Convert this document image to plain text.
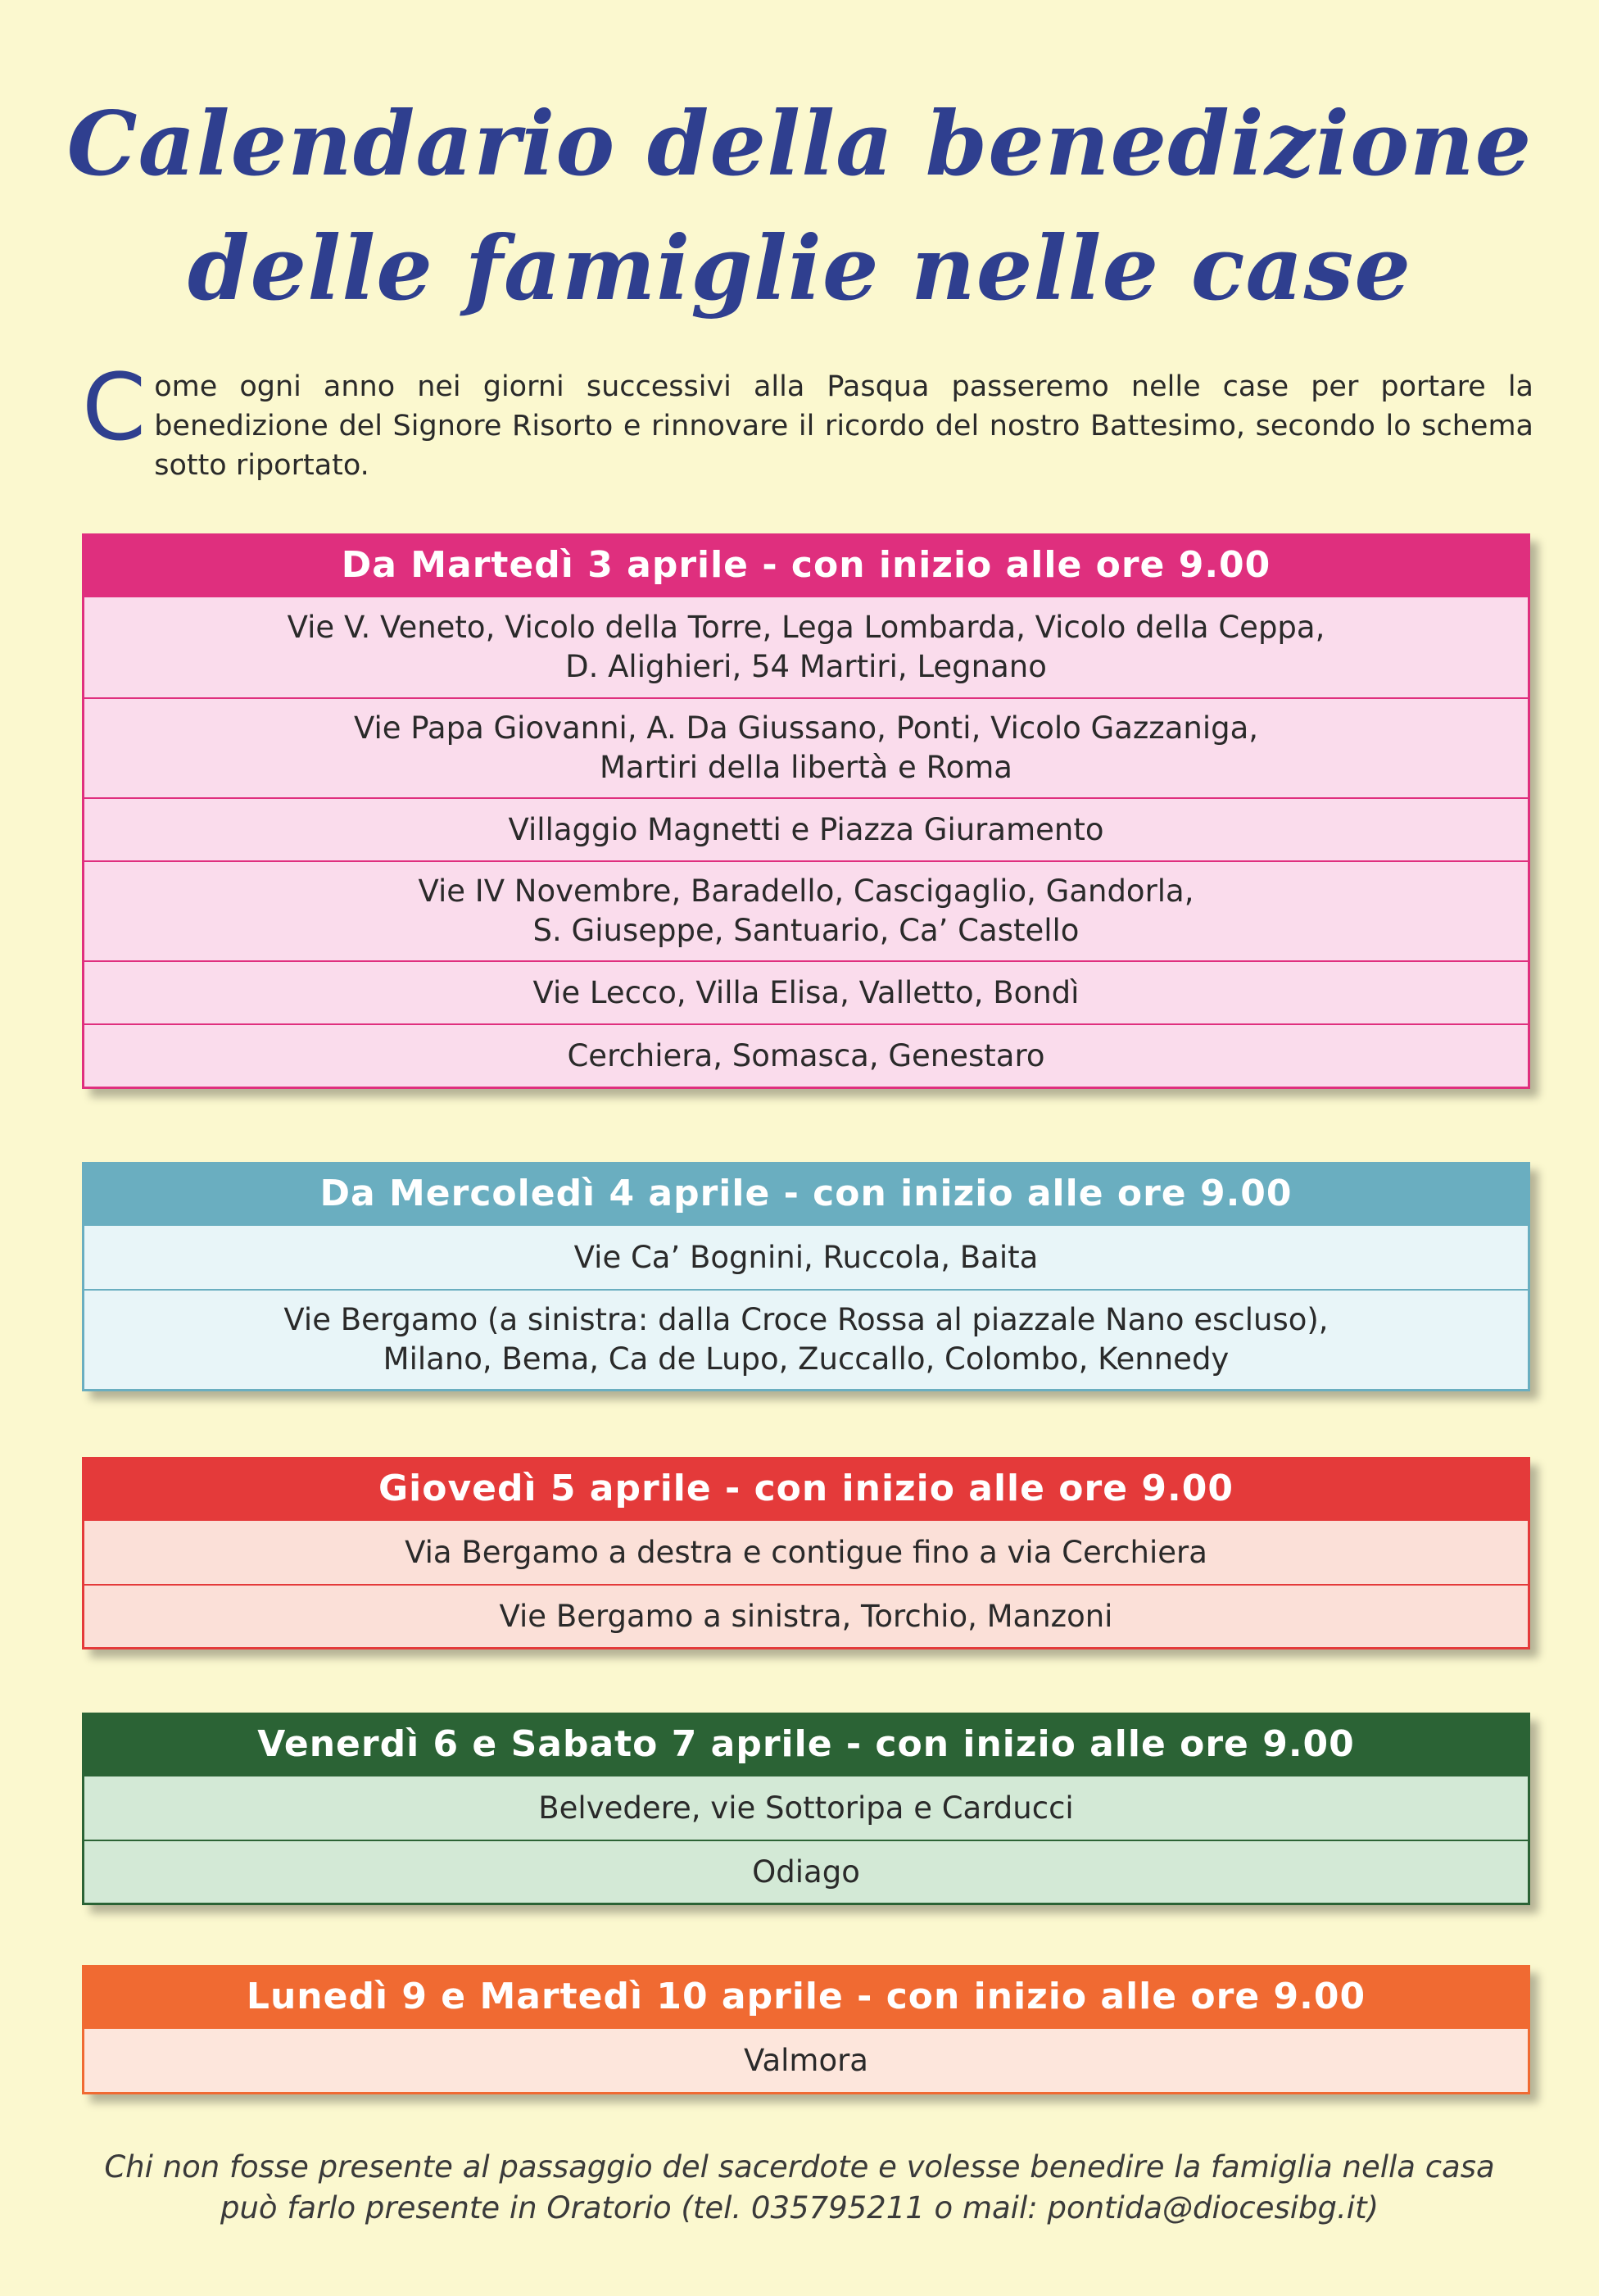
Calendario della benedizione
delle famiglie nelle case
Come ogni anno nei giorni successivi alla Pasqua passeremo nelle case per portare la benedizione del Signore Risorto e rinnovare il ricordo del nostro Battesimo, secondo lo schema sotto riportato.
Da Martedì 3 aprile - con inizio alle ore 9.00
Vie V. Veneto, Vicolo della Torre, Lega Lombarda, Vicolo della Ceppa,
D. Alighieri, 54 Martiri, Legnano
Vie Papa Giovanni, A. Da Giussano, Ponti, Vicolo Gazzaniga,
Martiri della libertà e Roma
Villaggio Magnetti e Piazza Giuramento
Vie IV Novembre, Baradello, Cascigaglio, Gandorla,
S. Giuseppe, Santuario, Ca’ Castello
Vie Lecco, Villa Elisa, Valletto, Bondì
Cerchiera, Somasca, Genestaro
Da Mercoledì 4 aprile - con inizio alle ore 9.00
Vie Ca’ Bognini, Ruccola, Baita
Vie Bergamo (a sinistra: dalla Croce Rossa al piazzale Nano escluso),
Milano, Bema, Ca de Lupo, Zuccallo, Colombo, Kennedy
Giovedì 5 aprile - con inizio alle ore 9.00
Via Bergamo a destra e contigue fino a via Cerchiera
Vie Bergamo a sinistra, Torchio, Manzoni
Venerdì 6 e Sabato 7 aprile - con inizio alle ore 9.00
Belvedere, vie Sottoripa e Carducci
Odiago
Lunedì 9 e Martedì 10 aprile - con inizio alle ore 9.00
Valmora
Chi non fosse presente al passaggio del sacerdote e volesse benedire la famiglia nella casa
può farlo presente in Oratorio (tel. 035795211 o mail: pontida@diocesibg.it)
